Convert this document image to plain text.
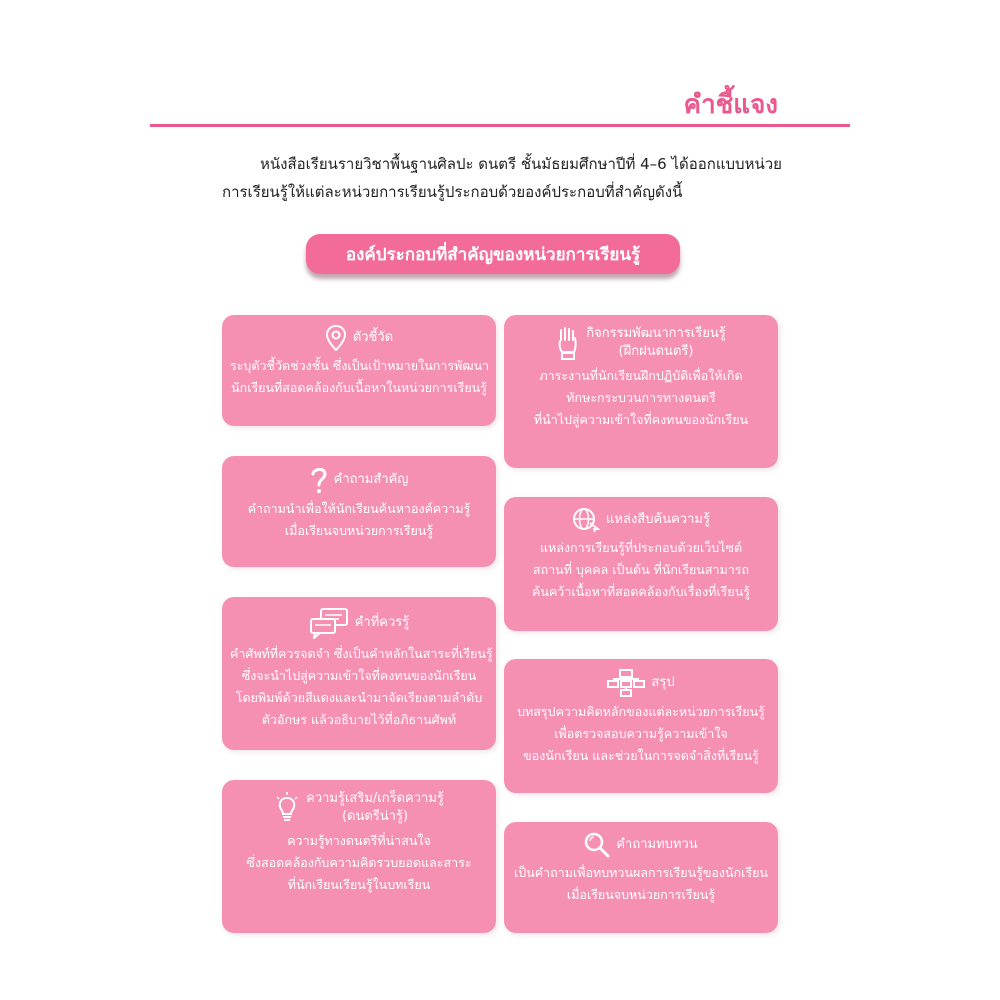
คำชี้แจง

หนังสือเรียนรายวิชาพื้นฐานศิลปะ ดนตรี ชั้นมัธยมศึกษาปีที่ 4–6 ได้ออกแบบหน่วย
การเรียนรู้ให้แต่ละหน่วยการเรียนรู้ประกอบด้วยองค์ประกอบที่สำคัญดังนี้

องค์ประกอบที่สำคัญของหน่วยการเรียนรู้
ตัวชี้วัด
ระบุตัวชี้วัดช่วงชั้น ซึ่งเป็นเป้าหมายในการพัฒนา
นักเรียนที่สอดคล้องกับเนื้อหาในหน่วยการเรียนรู้
กิจกรรมพัฒนาการเรียนรู้
(ฝึกฝนดนตรี)
ภาระงานที่นักเรียนฝึกปฏิบัติเพื่อให้เกิด
ทักษะกระบวนการทางดนตรี
ที่นำไปสู่ความเข้าใจที่คงทนของนักเรียน
คำถามสำคัญ
คำถามนำเพื่อให้นักเรียนค้นหาองค์ความรู้
เมื่อเรียนจบหน่วยการเรียนรู้
แหล่งสืบค้นความรู้
แหล่งการเรียนรู้ที่ประกอบด้วยเว็บไซต์
สถานที่ บุคคล เป็นต้น ที่นักเรียนสามารถ
ค้นคว้าเนื้อหาที่สอดคล้องกับเรื่องที่เรียนรู้
คำที่ควรรู้
คำศัพท์ที่ควรจดจำ ซึ่งเป็นคำหลักในสาระที่เรียนรู้
ซึ่งจะนำไปสู่ความเข้าใจที่คงทนของนักเรียน
โดยพิมพ์ด้วยสีแดงและนำมาจัดเรียงตามลำดับ
ตัวอักษร แล้วอธิบายไว้ที่อภิธานศัพท์
สรุป
บทสรุปความคิดหลักของแต่ละหน่วยการเรียนรู้
เพื่อตรวจสอบความรู้ความเข้าใจ
ของนักเรียน และช่วยในการจดจำสิ่งที่เรียนรู้
ความรู้เสริม/เกร็ดความรู้
(ดนตรีน่ารู้)
ความรู้ทางดนตรีที่น่าสนใจ
ซึ่งสอดคล้องกับความคิดรวบยอดและสาระ
ที่นักเรียนเรียนรู้ในบทเรียน
คำถามทบทวน
เป็นคำถามเพื่อทบทวนผลการเรียนรู้ของนักเรียน
เมื่อเรียนจบหน่วยการเรียนรู้
